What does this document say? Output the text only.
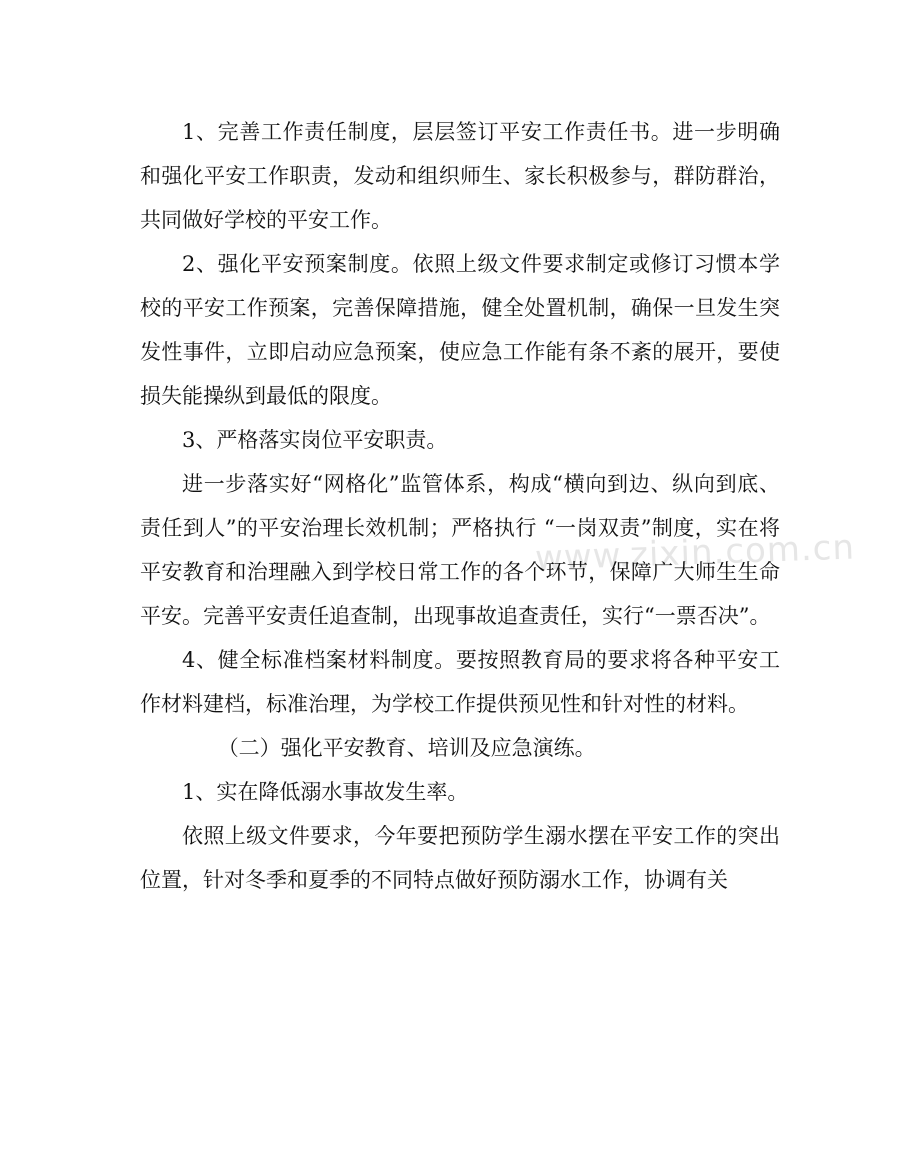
www.zixin.com.cn

1、完善工作责任制度，层层签订平安工作责任书。进一步明确和强化平安工作职责，发动和组织师生、家长积极参与，群防群治，共同做好学校的平安工作。

2、强化平安预案制度。依照上级文件要求制定或修订习惯本学校的平安工作预案，完善保障措施，健全处置机制，确保一旦发生突发性事件，立即启动应急预案，使应急工作能有条不紊的展开，要使损失能操纵到最低的限度。

3、严格落实岗位平安职责。

进一步落实好“网格化”监管体系，构成“横向到边、纵向到底、责任到人”的平安治理长效机制；严格执行 “一岗双责”制度，实在将平安教育和治理融入到学校日常工作的各个环节，保障广大师生生命平安。完善平安责任追查制，出现事故追查责任，实行“一票否决”。

4、健全标准档案材料制度。要按照教育局的要求将各种平安工作材料建档，标准治理，为学校工作提供预见性和针对性的材料。

（二）强化平安教育、培训及应急演练。

1、实在降低溺水事故发生率。

依照上级文件要求，今年要把预防学生溺水摆在平安工作的突出位置，针对冬季和夏季的不同特点做好预防溺水工作，协调有关
